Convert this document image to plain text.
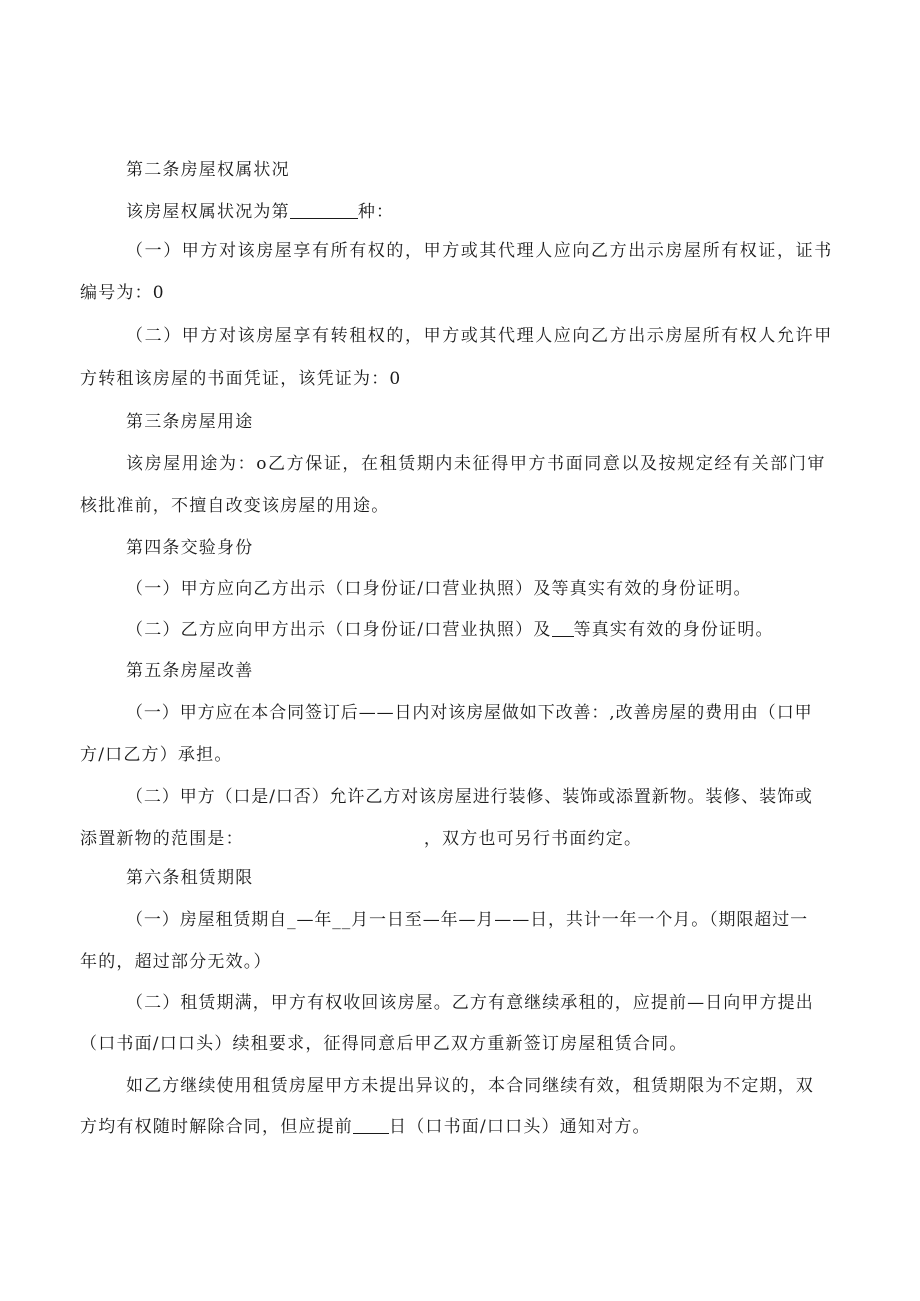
第二条房屋权属状况
该房屋权属状况为第	种：
（一）甲方对该房屋享有所有权的，甲方或其代理人应向乙方出示房屋所有权证，证书
编号为：0
（二）甲方对该房屋享有转租权的，甲方或其代理人应向乙方出示房屋所有权人允许甲
方转租该房屋的书面凭证，该凭证为：0
第三条房屋用途
该房屋用途为：o乙方保证，在租赁期内未征得甲方书面同意以及按规定经有关部门审
核批准前，不擅自改变该房屋的用途。
第四条交验身份
（一）甲方应向乙方出示（口身份证/口营业执照）及等真实有效的身份证明。
（二）乙方应向甲方出示（口身份证/口营业执照）及 等真实有效的身份证明。
第五条房屋改善
（一）甲方应在本合同签订后——日内对该房屋做如下改善：,改善房屋的费用由（口甲
方/口乙方）承担。
（二）甲方（口是/口否）允许乙方对该房屋进行装修、装饰或添置新物。装修、装饰或
添置新物的范围是：	，双方也可另行书面约定。
第六条租赁期限
（一）房屋租赁期自_—年__月一日至—年—月——日，共计一年一个月。（期限超过一
年的，超过部分无效。）
（二）租赁期满，甲方有权收回该房屋。乙方有意继续承租的，应提前—日向甲方提出
（口书面/口口头）续租要求，征得同意后甲乙双方重新签订房屋租赁合同。
如乙方继续使用租赁房屋甲方未提出异议的，本合同继续有效，租赁期限为不定期，双
方均有权随时解除合同，但应提前 日（口书面/口口头）通知对方。
